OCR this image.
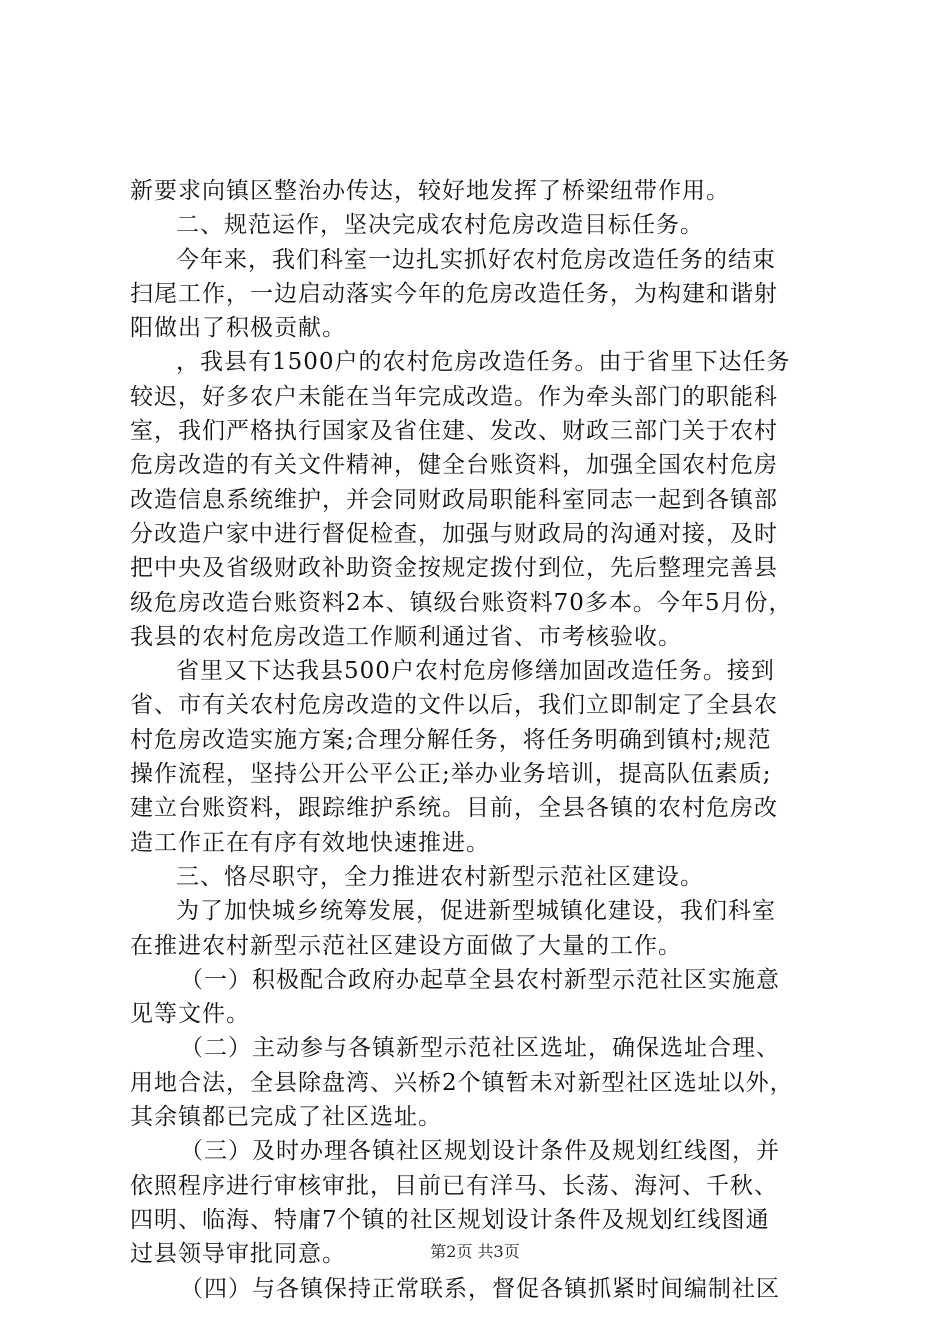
新要求向镇区整治办传达，较好地发挥了桥梁纽带作用。
二、规范运作，坚决完成农村危房改造目标任务。
今年来，我们科室一边扎实抓好农村危房改造任务的结束
扫尾工作，一边启动落实今年的危房改造任务，为构建和谐射
阳做出了积极贡献。
，我县有1500户的农村危房改造任务。由于省里下达任务
较迟，好多农户未能在当年完成改造。作为牵头部门的职能科
室，我们严格执行国家及省住建、发改、财政三部门关于农村
危房改造的有关文件精神，健全台账资料，加强全国农村危房
改造信息系统维护，并会同财政局职能科室同志一起到各镇部
分改造户家中进行督促检查，加强与财政局的沟通对接，及时
把中央及省级财政补助资金按规定拨付到位，先后整理完善县
级危房改造台账资料2本、镇级台账资料70多本。今年5月份，
我县的农村危房改造工作顺利通过省、市考核验收。
省里又下达我县500户农村危房修缮加固改造任务。接到
省、市有关农村危房改造的文件以后，我们立即制定了全县农
村危房改造实施方案;合理分解任务，将任务明确到镇村;规范
操作流程，坚持公开公平公正;举办业务培训，提高队伍素质;
建立台账资料，跟踪维护系统。目前，全县各镇的农村危房改
造工作正在有序有效地快速推进。
三、恪尽职守，全力推进农村新型示范社区建设。
为了加快城乡统筹发展，促进新型城镇化建设，我们科室
在推进农村新型示范社区建设方面做了大量的工作。
（一）积极配合政府办起草全县农村新型示范社区实施意
见等文件。
（二）主动参与各镇新型示范社区选址，确保选址合理、
用地合法，全县除盘湾、兴桥2个镇暂未对新型社区选址以外，
其余镇都已完成了社区选址。
（三）及时办理各镇社区规划设计条件及规划红线图，并
依照程序进行审核审批，目前已有洋马、长荡、海河、千秋、
四明、临海、特庸7个镇的社区规划设计条件及规划红线图通
过县领导审批同意。
（四）与各镇保持正常联系，督促各镇抓紧时间编制社区
第2页 共3页
